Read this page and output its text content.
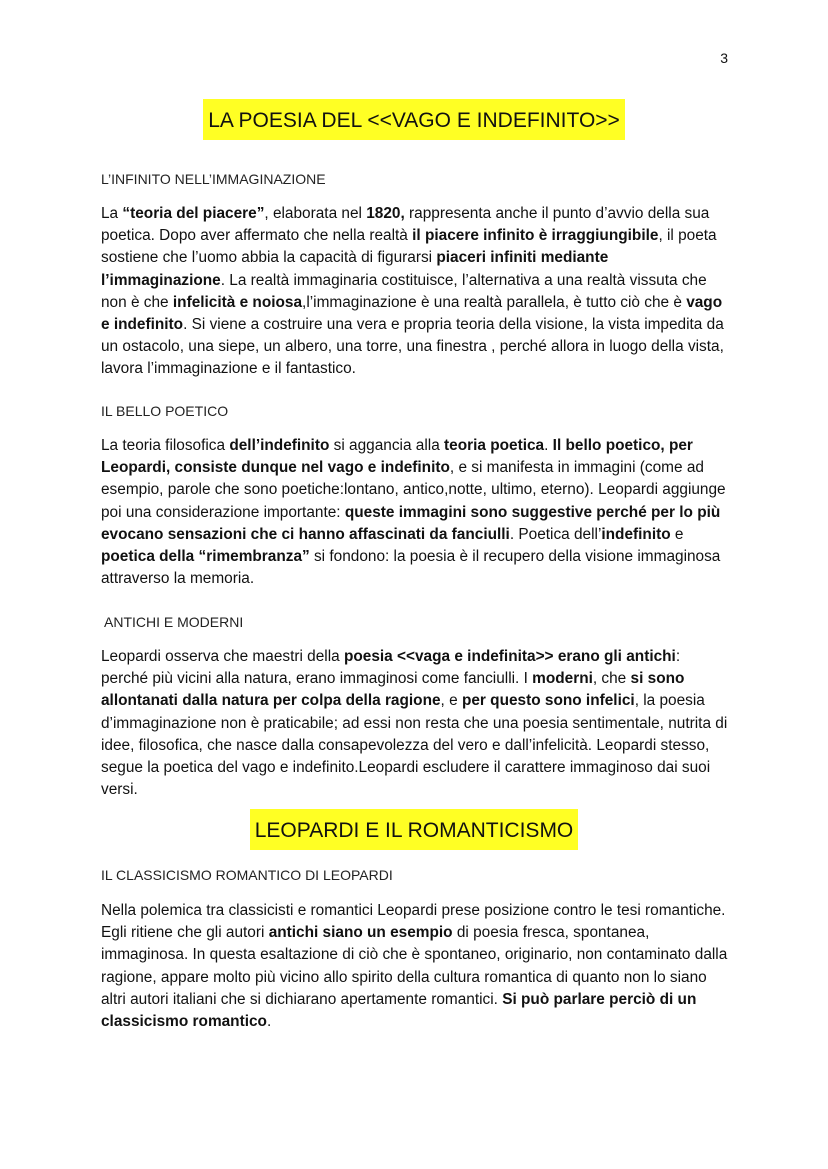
3
LA POESIA DEL <<VAGO E INDEFINITO>>
L’INFINITO NELL’IMMAGINAZIONE

La “teoria del piacere”, elaborata nel 1820, rappresenta anche il punto d’avvio della sua poetica. Dopo aver affermato che nella realtà il piacere infinito è irraggiungibile, il poeta sostiene che l’uomo abbia la capacità di figurarsi piaceri infiniti mediante l’immaginazione. La realtà immaginaria costituisce, l’alternativa a una realtà vissuta che non è che infelicità e noiosa,l’immaginazione è una realtà parallela, è tutto ciò che è vago e indefinito. Si viene a costruire una vera e propria teoria della visione, la vista impedita da un ostacolo, una siepe, un albero, una torre, una finestra , perché allora in luogo della vista, lavora l’immaginazione e il fantastico.

IL BELLO POETICO

La teoria filosofica dell’indefinito si aggancia alla teoria poetica. Il bello poetico, per Leopardi, consiste dunque nel vago e indefinito, e si manifesta in immagini (come ad esempio, parole che sono poetiche:lontano, antico,notte, ultimo, eterno). Leopardi aggiunge poi una considerazione importante: queste immagini sono suggestive perché per lo più evocano sensazioni che ci hanno affascinati da fanciulli. Poetica dell’indefinito e poetica della “rimembranza” si fondono: la poesia è il recupero della visione immaginosa attraverso la memoria.

ANTICHI E MODERNI

Leopardi osserva che maestri della poesia <<vaga e indefinita>> erano gli antichi: perché più vicini alla natura, erano immaginosi come fanciulli. I moderni, che si sono allontanati dalla natura per colpa della ragione, e per questo sono infelici, la poesia d’immaginazione non è praticabile; ad essi non resta che una poesia sentimentale, nutrita di idee, filosofica, che nasce dalla consapevolezza del vero e dall’infelicità. Leopardi stesso, segue la poetica del vago e indefinito.Leopardi escludere il carattere immaginoso dai suoi versi.

LEOPARDI E IL ROMANTICISMO
IL CLASSICISMO ROMANTICO DI LEOPARDI

Nella polemica tra classicisti e romantici Leopardi prese posizione contro le tesi romantiche. Egli ritiene che gli autori antichi siano un esempio di poesia fresca, spontanea, immaginosa. In questa esaltazione di ciò che è spontaneo, originario, non contaminato dalla ragione, appare molto più vicino allo spirito della cultura romantica di quanto non lo siano altri autori italiani che si dichiarano apertamente romantici. Si può parlare perciò di un classicismo romantico.
